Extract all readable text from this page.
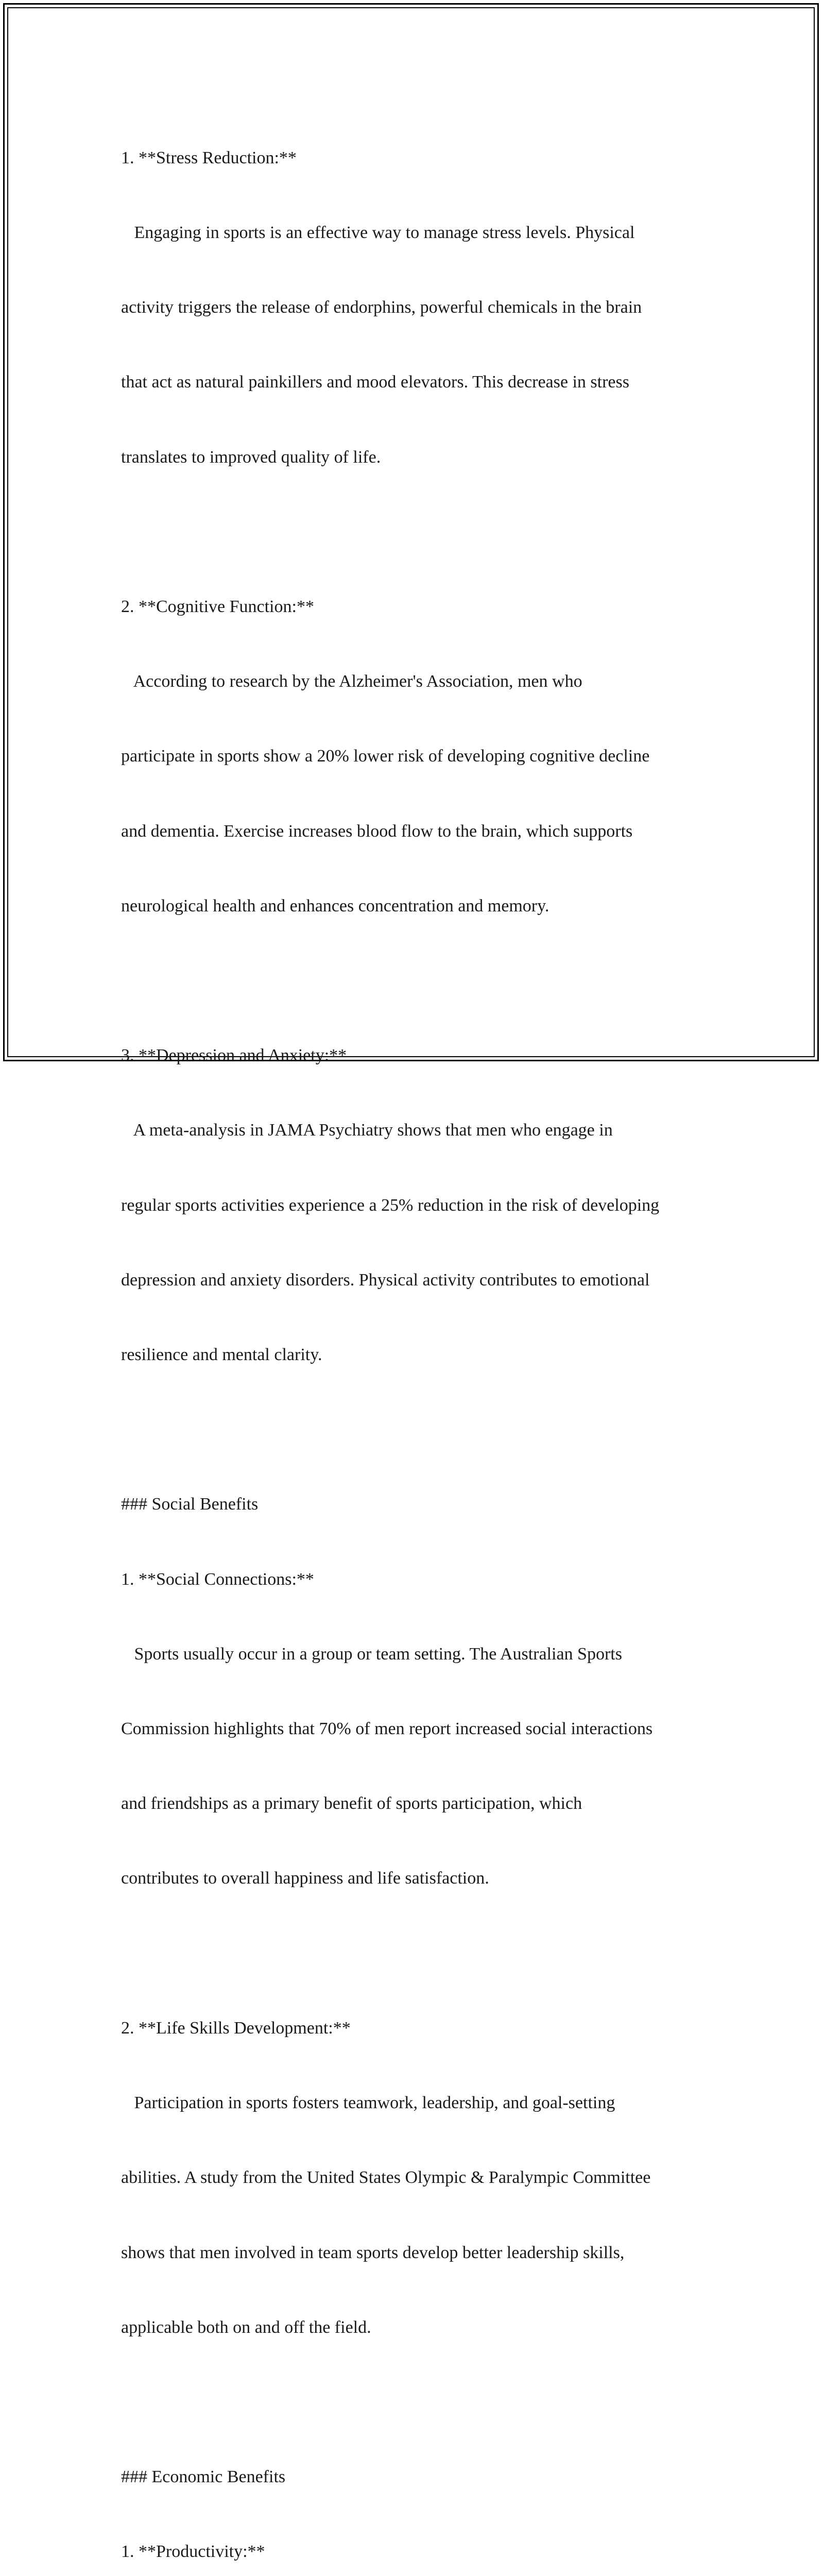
1. **Stress Reduction:**

Engaging in sports is an effective way to manage stress levels. Physical

activity triggers the release of endorphins, powerful chemicals in the brain

that act as natural painkillers and mood elevators. This decrease in stress

translates to improved quality of life.

2. **Cognitive Function:**

According to research by the Alzheimer's Association, men who

participate in sports show a 20% lower risk of developing cognitive decline

and dementia. Exercise increases blood flow to the brain, which supports

neurological health and enhances concentration and memory.

3. **Depression and Anxiety:**

A meta-analysis in JAMA Psychiatry shows that men who engage in

regular sports activities experience a 25% reduction in the risk of developing

depression and anxiety disorders. Physical activity contributes to emotional

resilience and mental clarity.

### Social Benefits

1. **Social Connections:**

Sports usually occur in a group or team setting. The Australian Sports

Commission highlights that 70% of men report increased social interactions

and friendships as a primary benefit of sports participation, which

contributes to overall happiness and life satisfaction.

2. **Life Skills Development:**

Participation in sports fosters teamwork, leadership, and goal-setting

abilities. A study from the United States Olympic & Paralympic Committee

shows that men involved in team sports develop better leadership skills,

applicable both on and off the field.

### Economic Benefits

1. **Productivity:**
